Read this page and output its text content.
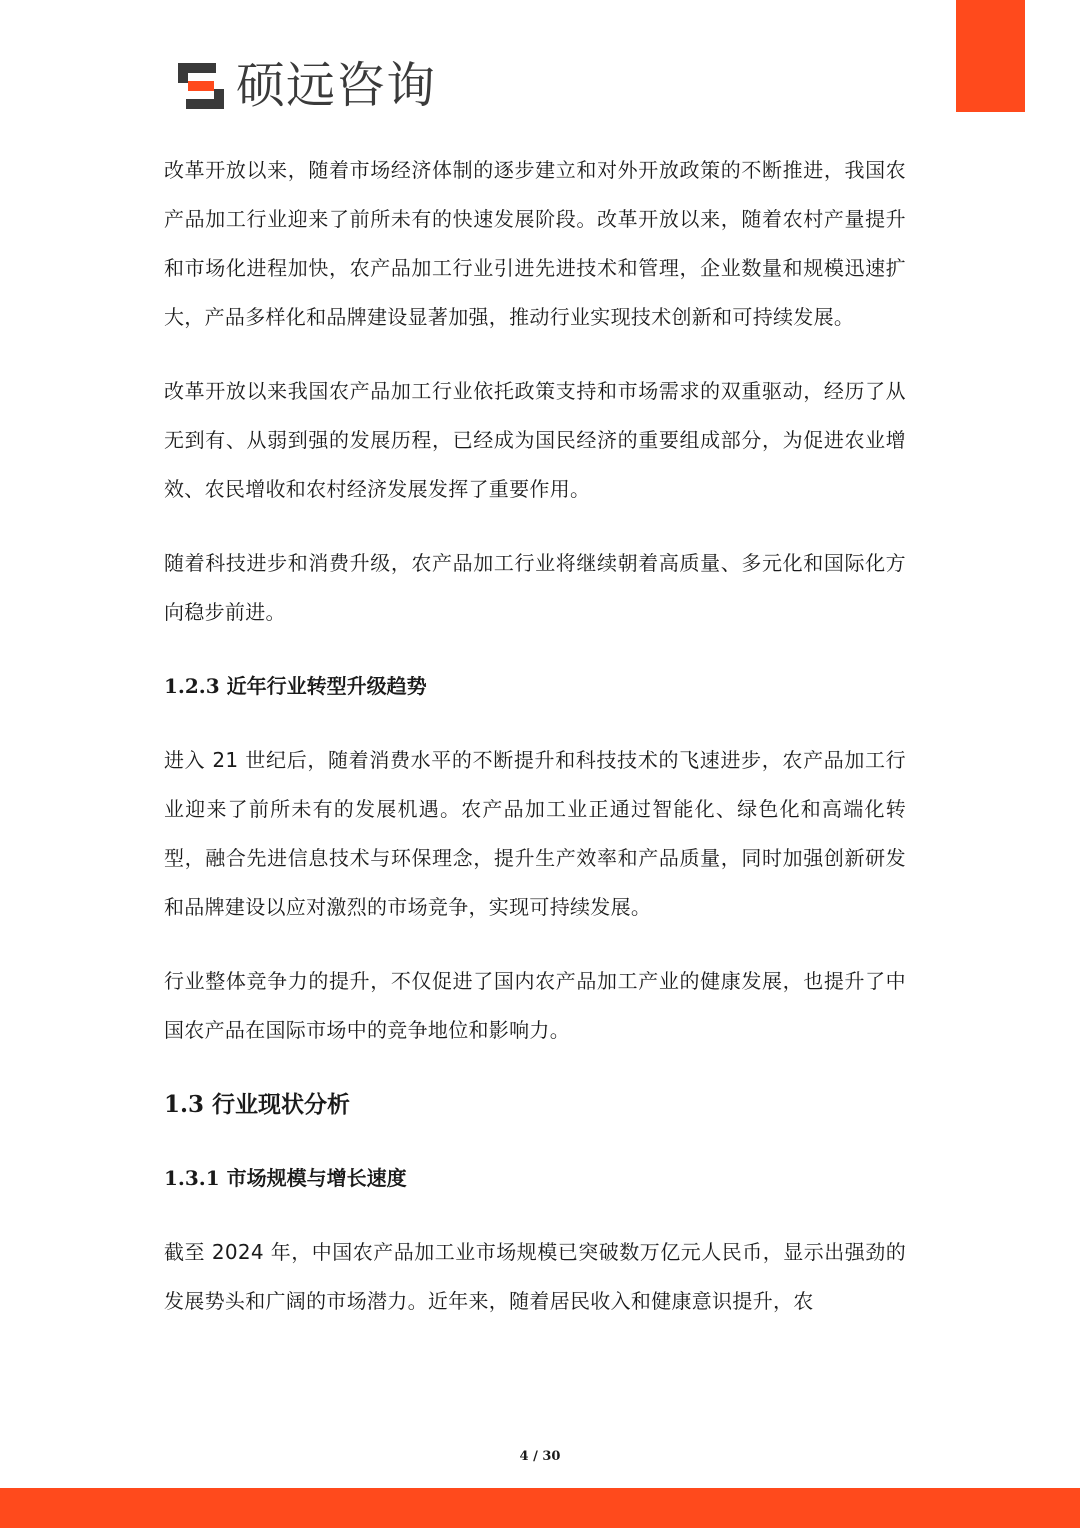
硕远咨询

改革开放以来，随着市场经济体制的逐步建立和对外开放政策的不断推进，我国农产品加工行业迎来了前所未有的快速发展阶段。改革开放以来，随着农村产量提升和市场化进程加快，农产品加工行业引进先进技术和管理，企业数量和规模迅速扩大，产品多样化和品牌建设显著加强，推动行业实现技术创新和可持续发展。

改革开放以来我国农产品加工行业依托政策支持和市场需求的双重驱动，经历了从无到有、从弱到强的发展历程，已经成为国民经济的重要组成部分，为促进农业增效、农民增收和农村经济发展发挥了重要作用。

随着科技进步和消费升级，农产品加工行业将继续朝着高质量、多元化和国际化方向稳步前进。

1.2.3 近年行业转型升级趋势

进入 21 世纪后，随着消费水平的不断提升和科技技术的飞速进步，农产品加工行业迎来了前所未有的发展机遇。农产品加工业正通过智能化、绿色化和高端化转型，融合先进信息技术与环保理念，提升生产效率和产品质量，同时加强创新研发和品牌建设以应对激烈的市场竞争，实现可持续发展。

行业整体竞争力的提升，不仅促进了国内农产品加工产业的健康发展，也提升了中国农产品在国际市场中的竞争地位和影响力。

1.3 行业现状分析

1.3.1 市场规模与增长速度

截至 2024 年，中国农产品加工业市场规模已突破数万亿元人民币，显示出强劲的发展势头和广阔的市场潜力。近年来，随着居民收入和健康意识提升，农

4 / 30
